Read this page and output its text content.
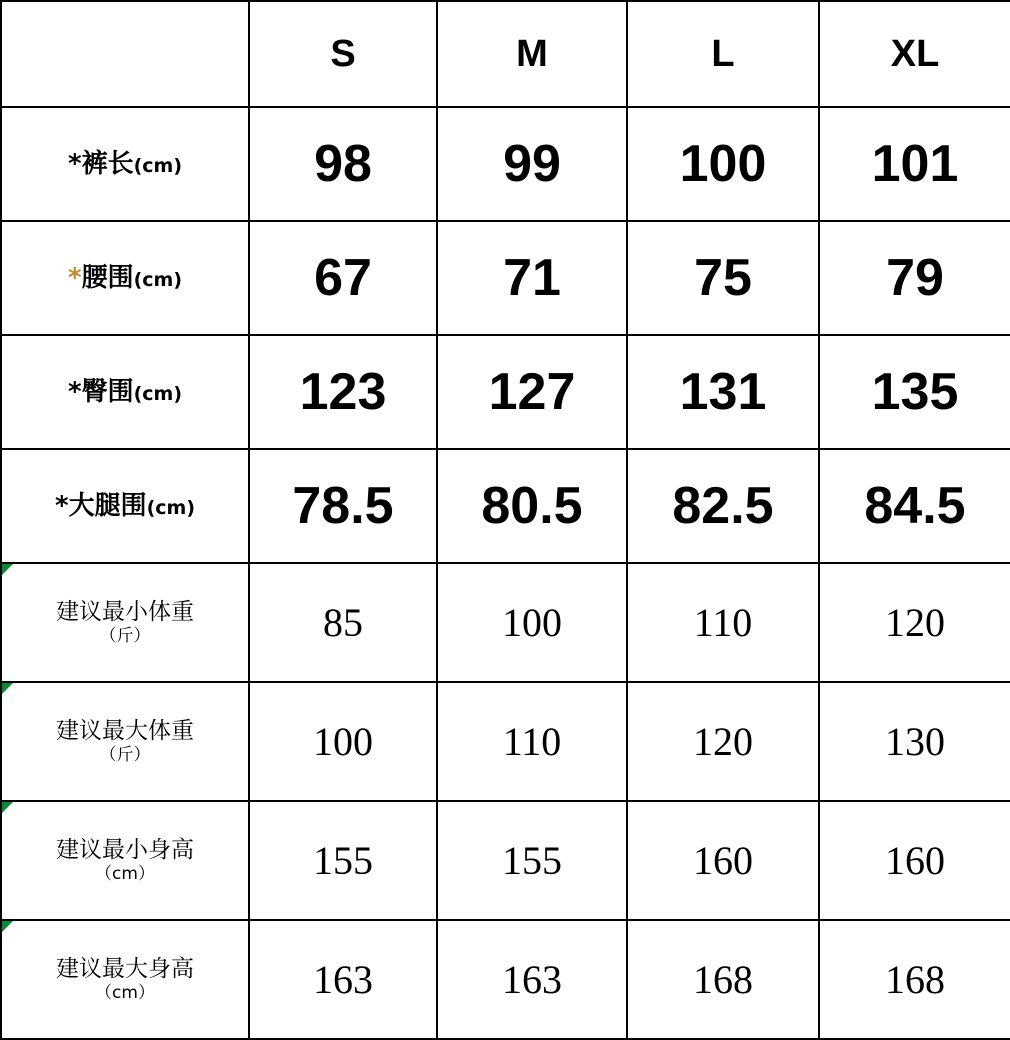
	S	M	L	XL
*裤长(cm)	98	99	100	101
*腰围(cm)	67	71	75	79
*臀围(cm)	123	127	131	135
*大腿围(cm)	78.5	80.5	82.5	84.5

建议最小体重
（斤）	85	100	110	120

建议最大体重
（斤）	100	110	120	130

建议最小身高
（cm）	155	155	160	160

建议最大身高
（cm）	163	163	168	168
